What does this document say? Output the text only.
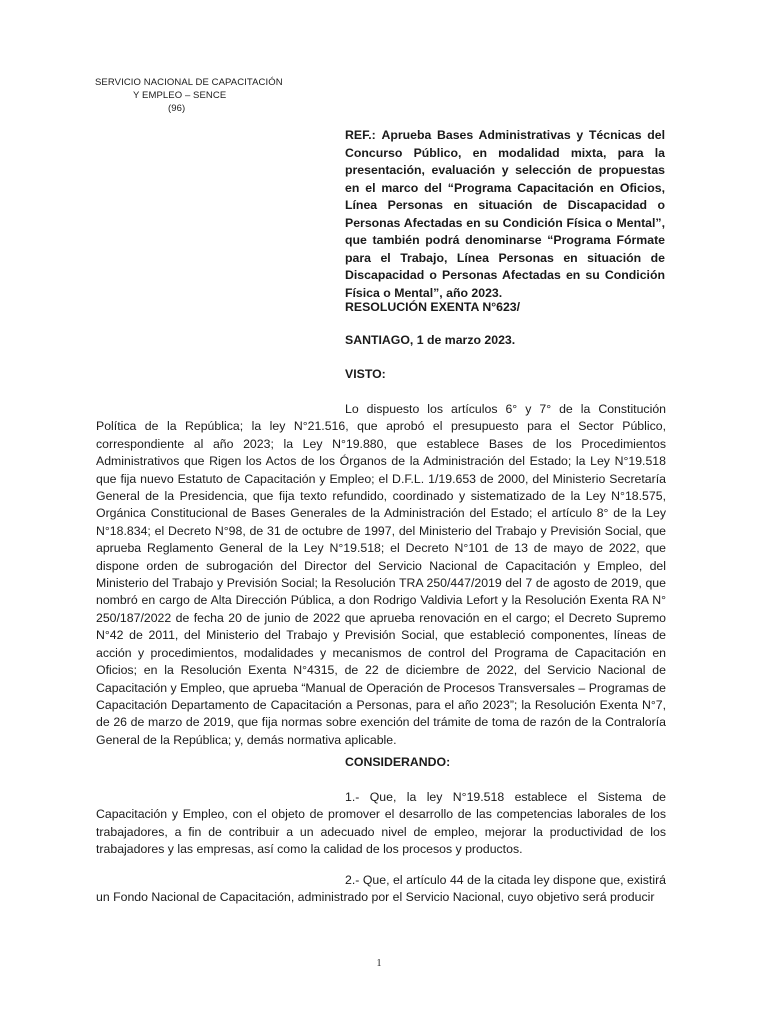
SERVICIO NACIONAL DE CAPACITACIÓN
Y EMPLEO – SENCE
(96)
REF.: Aprueba Bases Administrativas y Técnicas del Concurso Público, en modalidad mixta, para la presentación, evaluación y selección de propuestas en el marco del “Programa Capacitación en Oficios, Línea Personas en situación de Discapacidad o Personas Afectadas en su Condición Física o Mental”, que también podrá denominarse “Programa Fórmate para el Trabajo, Línea Personas en situación de Discapacidad o Personas Afectadas en su Condición Física o Mental”, año 2023.
RESOLUCIÓN EXENTA N°623/
SANTIAGO, 1 de marzo 2023.
VISTO:
Lo dispuesto los artículos 6° y 7° de la Constitución Política de la República; la ley N°21.516, que aprobó el presupuesto para el Sector Público, correspondiente al año 2023; la Ley N°19.880, que establece Bases de los Procedimientos Administrativos que Rigen los Actos de los Órganos de la Administración del Estado; la Ley N°19.518 que fija nuevo Estatuto de Capacitación y Empleo; el D.F.L. 1/19.653 de 2000, del Ministerio Secretaría General de la Presidencia, que fija texto refundido, coordinado y sistematizado de la Ley N°18.575, Orgánica Constitucional de Bases Generales de la Administración del Estado; el artículo 8° de la Ley N°18.834; el Decreto N°98, de 31 de octubre de 1997, del Ministerio del Trabajo y Previsión Social, que aprueba Reglamento General de la Ley N°19.518; el Decreto N°101 de 13 de mayo de 2022, que dispone orden de subrogación del Director del Servicio Nacional de Capacitación y Empleo, del Ministerio del Trabajo y Previsión Social; la Resolución TRA 250/447/2019 del 7 de agosto de 2019, que nombró en cargo de Alta Dirección Pública, a don Rodrigo Valdivia Lefort y la Resolución Exenta RA N° 250/187/2022 de fecha 20 de junio de 2022 que aprueba renovación en el cargo; el Decreto Supremo N°42 de 2011, del Ministerio del Trabajo y Previsión Social, que estableció componentes, líneas de acción y procedimientos, modalidades y mecanismos de control del Programa de Capacitación en Oficios; en la Resolución Exenta N°4315, de 22 de diciembre de 2022, del Servicio Nacional de Capacitación y Empleo, que aprueba “Manual de Operación de Procesos Transversales – Programas de Capacitación Departamento de Capacitación a Personas, para el año 2023”; la Resolución Exenta N°7, de 26 de marzo de 2019, que fija normas sobre exención del trámite de toma de razón de la Contraloría General de la República; y, demás normativa aplicable.
CONSIDERANDO:
1.- Que, la ley N°19.518 establece el Sistema de Capacitación y Empleo, con el objeto de promover el desarrollo de las competencias laborales de los trabajadores, a fin de contribuir a un adecuado nivel de empleo, mejorar la productividad de los trabajadores y las empresas, así como la calidad de los procesos y productos.
2.- Que, el artículo 44 de la citada ley dispone que, existirá un Fondo Nacional de Capacitación, administrado por el Servicio Nacional, cuyo objetivo será producir
1
